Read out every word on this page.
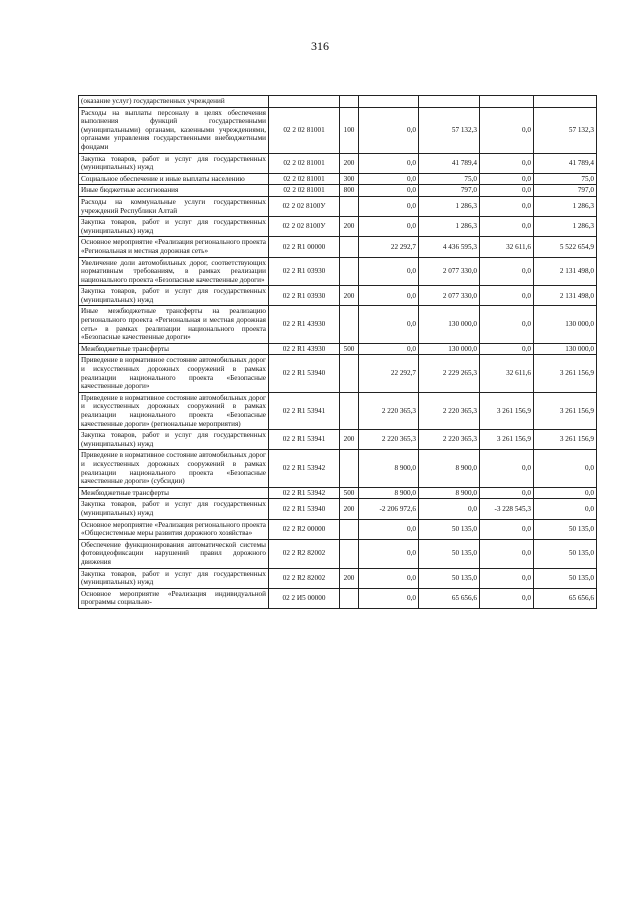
316
(оказание услуг) государственных учреждений						
Расходы на выплаты персоналу в целях обеспечения выполнения функций государственными (муниципальными) органами, казенными учреждениями, органами управления государственными внебюджетными фондами	02 2 02 81001	100	0,0	57 132,3	0,0	57 132,3
Закупка товаров, работ и услуг для государственных (муниципальных) нужд	02 2 02 81001	200	0,0	41 789,4	0,0	41 789,4
Социальное обеспечение и иные выплаты населению	02 2 02 81001	300	0,0	75,0	0,0	75,0
Иные бюджетные ассигнования	02 2 02 81001	800	0,0	797,0	0,0	797,0
Расходы на коммунальные услуги государственных учреждений Республики Алтай	02 2 02 8100У		0,0	1 286,3	0,0	1 286,3
Закупка товаров, работ и услуг для государственных (муниципальных) нужд	02 2 02 8100У	200	0,0	1 286,3	0,0	1 286,3
Основное мероприятие «Реализация регионального проекта «Региональная и местная дорожная сеть»	02 2 R1 00000		22 292,7	4 436 595,3	32 611,6	5 522 654,9
Увеличение доли автомобильных дорог, соответствующих нормативным требованиям, в рамках реализации национального проекта «Безопасные качественные дороги»	02 2 R1 03930		0,0	2 077 330,0	0,0	2 131 498,0
Закупка товаров, работ и услуг для государственных (муниципальных) нужд	02 2 R1 03930	200	0,0	2 077 330,0	0,0	2 131 498,0
Иные межбюджетные трансферты на реализацию регионального проекта «Региональная и местная дорожная сеть» в рамках реализации национального проекта «Безопасные качественные дороги»	02 2 R1 43930		0,0	130 000,0	0,0	130 000,0
Межбюджетные трансферты	02 2 R1 43930	500	0,0	130 000,0	0,0	130 000,0
Приведение в нормативное состояние автомобильных дорог и искусственных дорожных сооружений в рамках реализации национального проекта «Безопасные качественные дороги»	02 2 R1 53940		22 292,7	2 229 265,3	32 611,6	3 261 156,9
Приведение в нормативное состояние автомобильных дорог и искусственных дорожных сооружений в рамках реализации национального проекта «Безопасные качественные дороги» (региональные мероприятия)	02 2 R1 53941		2 220 365,3	2 220 365,3	3 261 156,9	3 261 156,9
Закупка товаров, работ и услуг для государственных (муниципальных) нужд	02 2 R1 53941	200	2 220 365,3	2 220 365,3	3 261 156,9	3 261 156,9
Приведение в нормативное состояние автомобильных дорог и искусственных дорожных сооружений в рамках реализации национального проекта «Безопасные качественные дороги» (субсидии)	02 2 R1 53942		8 900,0	8 900,0	0,0	0,0
Межбюджетные трансферты	02 2 R1 53942	500	8 900,0	8 900,0	0,0	0,0
Закупка товаров, работ и услуг для государственных (муниципальных) нужд	02 2 R1 53940	200	-2 206 972,6	0,0	-3 228 545,3	0,0
Основное мероприятие «Реализация регионального проекта «Общесистемные меры развития дорожного хозяйства»	02 2 R2 00000		0,0	50 135,0	0,0	50 135,0
Обеспечение функционирования автоматической системы фотовидеофиксации нарушений правил дорожного движения	02 2 R2 82002		0,0	50 135,0	0,0	50 135,0
Закупка товаров, работ и услуг для государственных (муниципальных) нужд	02 2 R2 82002	200	0,0	50 135,0	0,0	50 135,0
Основное мероприятие «Реализация индивидуальной программы социально-	02 2 И5 00000		0,0	65 656,6	0,0	65 656,6
